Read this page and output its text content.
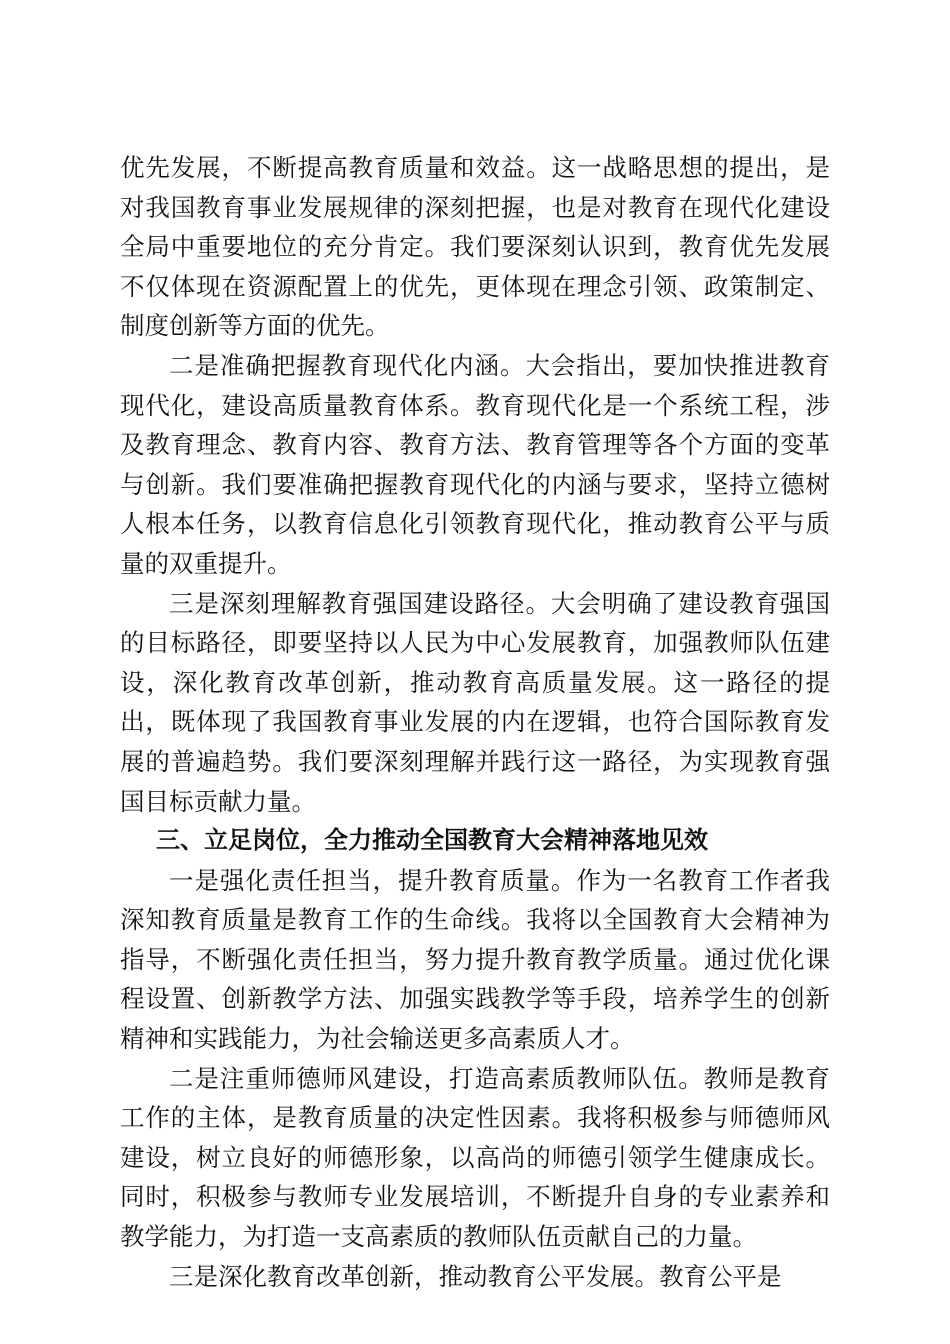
优先发展，不断提高教育质量和效益。这一战略思想的提出，是对我国教育事业发展规律的深刻把握，也是对教育在现代化建设全局中重要地位的充分肯定。我们要深刻认识到，教育优先发展不仅体现在资源配置上的优先，更体现在理念引领、政策制定、制度创新等方面的优先。

二是准确把握教育现代化内涵。大会指出，要加快推进教育现代化，建设高质量教育体系。教育现代化是一个系统工程，涉及教育理念、教育内容、教育方法、教育管理等各个方面的变革与创新。我们要准确把握教育现代化的内涵与要求，坚持立德树人根本任务，以教育信息化引领教育现代化，推动教育公平与质量的双重提升。

三是深刻理解教育强国建设路径。大会明确了建设教育强国的目标路径，即要坚持以人民为中心发展教育，加强教师队伍建设，深化教育改革创新，推动教育高质量发展。这一路径的提出，既体现了我国教育事业发展的内在逻辑，也符合国际教育发展的普遍趋势。我们要深刻理解并践行这一路径，为实现教育强国目标贡献力量。

三、立足岗位，全力推动全国教育大会精神落地见效

一是强化责任担当，提升教育质量。作为一名教育工作者我深知教育质量是教育工作的生命线。我将以全国教育大会精神为指导，不断强化责任担当，努力提升教育教学质量。通过优化课程设置、创新教学方法、加强实践教学等手段，培养学生的创新精神和实践能力，为社会输送更多高素质人才。

二是注重师德师风建设，打造高素质教师队伍。教师是教育工作的主体，是教育质量的决定性因素。我将积极参与师德师风建设，树立良好的师德形象，以高尚的师德引领学生健康成长。同时，积极参与教师专业发展培训，不断提升自身的专业素养和教学能力，为打造一支高素质的教师队伍贡献自己的力量。

三是深化教育改革创新，推动教育公平发展。教育公平是
